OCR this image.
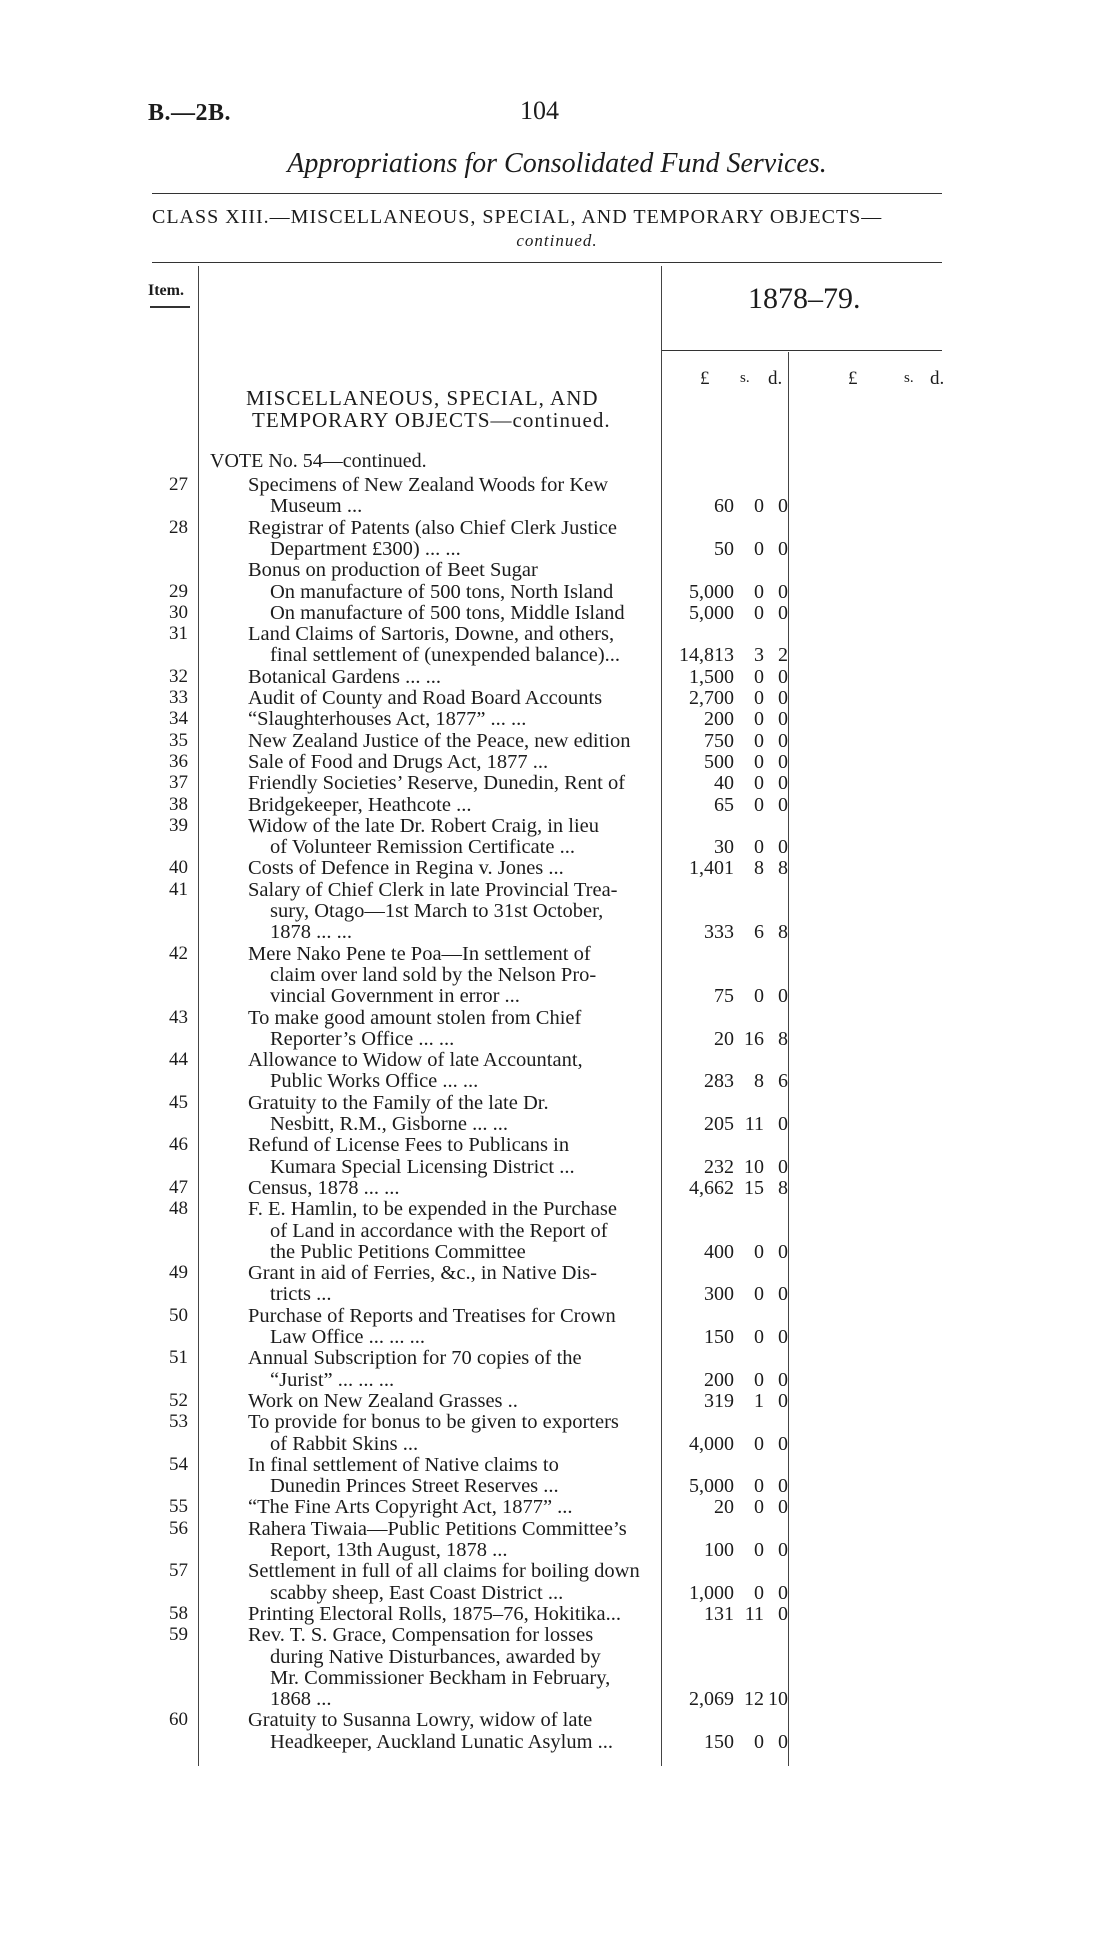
B.—2B.	104
Appropriations for Consolidated Fund Services.
CLASS XIII.—MISCELLANEOUS, SPECIAL, AND TEMPORARY OBJECTS—
continued.
Item.	1878–79.
£ s. d.	£	s. d.
MISCELLANEOUS, SPECIAL, AND
TEMPORARY OBJECTS—continued.
VOTE No. 54—continued.
27	Specimens of New Zealand Woods for Kew
Museum ...	60	0 0
28	Registrar of Patents (also Chief Clerk Justice
Department £300) ... ...	50	0 0
Bonus on production of Beet Sugar
29	On manufacture of 500 tons, North Island	5,000	0 0
30	On manufacture of 500 tons, Middle Island	5,000	0 0
31	Land Claims of Sartoris, Downe, and others,
final settlement of (unexpended balance)...	14,813	3 2
32	Botanical Gardens ... ...	1,500	0 0
33	Audit of County and Road Board Accounts	2,700	0 0
34	“Slaughterhouses Act, 1877” ... ...	200	0 0
35	New Zealand Justice of the Peace, new edition	750	0 0
36	Sale of Food and Drugs Act, 1877 ...	500	0 0
37	Friendly Societies’ Reserve, Dunedin, Rent of	40	0 0
38	Bridgekeeper, Heathcote ...	65	0 0
39	Widow of the late Dr. Robert Craig, in lieu
of Volunteer Remission Certificate ...	30	0 0
40	Costs of Defence in Regina v. Jones ...	1,401	8 8
41	Salary of Chief Clerk in late Provincial Trea-
sury, Otago—1st March to 31st October,
1878 ... ...	333	6 8
42	Mere Nako Pene te Poa—In settlement of
claim over land sold by the Nelson Pro-
vincial Government in error ...	75	0 0
43	To make good amount stolen from Chief
Reporter’s Office ... ...	20 16 8
44	Allowance to Widow of late Accountant,
Public Works Office ... ...	283	8 6
45	Gratuity to the Family of the late Dr.
Nesbitt, R.M., Gisborne ... ...	205 11 0
46	Refund of License Fees to Publicans in
Kumara Special Licensing District ...	232 10 0
47	Census, 1878 ... ...	4,662 15 8
48	F. E. Hamlin, to be expended in the Purchase
of Land in accordance with the Report of
the Public Petitions Committee	400	0 0
49	Grant in aid of Ferries, &c., in Native Dis-
tricts ...	300	0 0
50	Purchase of Reports and Treatises for Crown
Law Office ... ... ...	150	0 0
51	Annual Subscription for 70 copies of the
“Jurist” ... ... ...	200	0 0
52	Work on New Zealand Grasses ..	319	1 0
53	To provide for bonus to be given to exporters
of Rabbit Skins ...	4,000	0 0
54	In final settlement of Native claims to
Dunedin Princes Street Reserves ...	5,000	0 0
55	“The Fine Arts Copyright Act, 1877” ...	20	0 0
56	Rahera Tiwaia—Public Petitions Committee’s
Report, 13th August, 1878 ...	100	0 0
57	Settlement in full of all claims for boiling down
scabby sheep, East Coast District ...	1,000	0 0
58	Printing Electoral Rolls, 1875–76, Hokitika...	131 11 0
59	Rev. T. S. Grace, Compensation for losses
during Native Disturbances, awarded by
Mr. Commissioner Beckham in February,
1868 ...	2,069 12 10
60	Gratuity to Susanna Lowry, widow of late
Headkeeper, Auckland Lunatic Asylum ...	150	0 0
